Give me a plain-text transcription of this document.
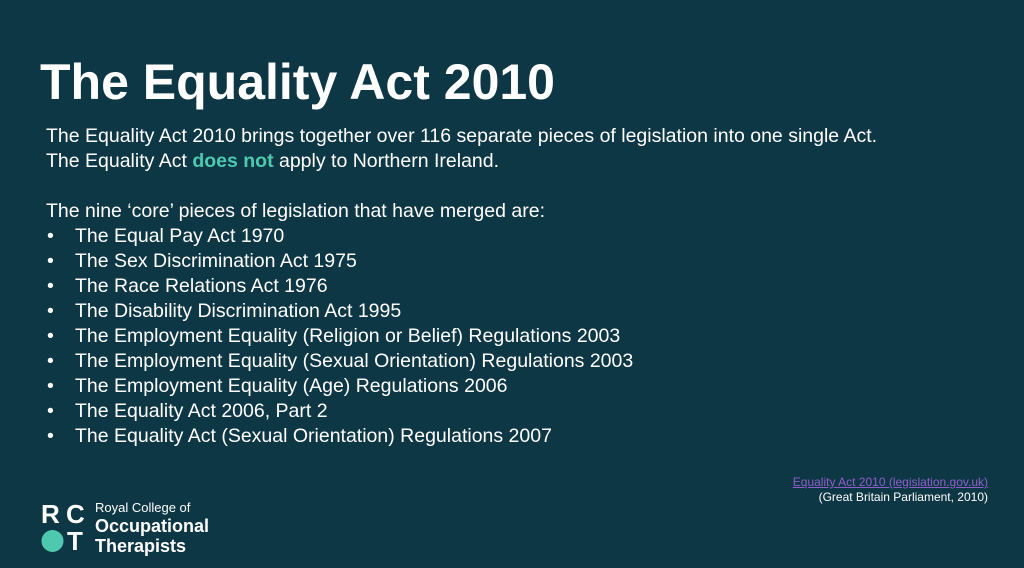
The Equality Act 2010

The Equality Act 2010 brings together over 116 separate pieces of legislation into one single Act.

The Equality Act does not apply to Northern Ireland.

The nine ‘core’ pieces of legislation that have merged are:

• The Equal Pay Act 1970
• The Sex Discrimination Act 1975
• The Race Relations Act 1976
• The Disability Discrimination Act 1995
• The Employment Equality (Religion or Belief) Regulations 2003
• The Employment Equality (Sexual Orientation) Regulations 2003
• The Employment Equality (Age) Regulations 2006
• The Equality Act 2006, Part 2
• The Equality Act (Sexual Orientation) Regulations 2007
Equality Act 2010 (legislation.gov.uk)
(Great Britain Parliament, 2010)
R C
T
Royal College of
Occupational
Therapists
